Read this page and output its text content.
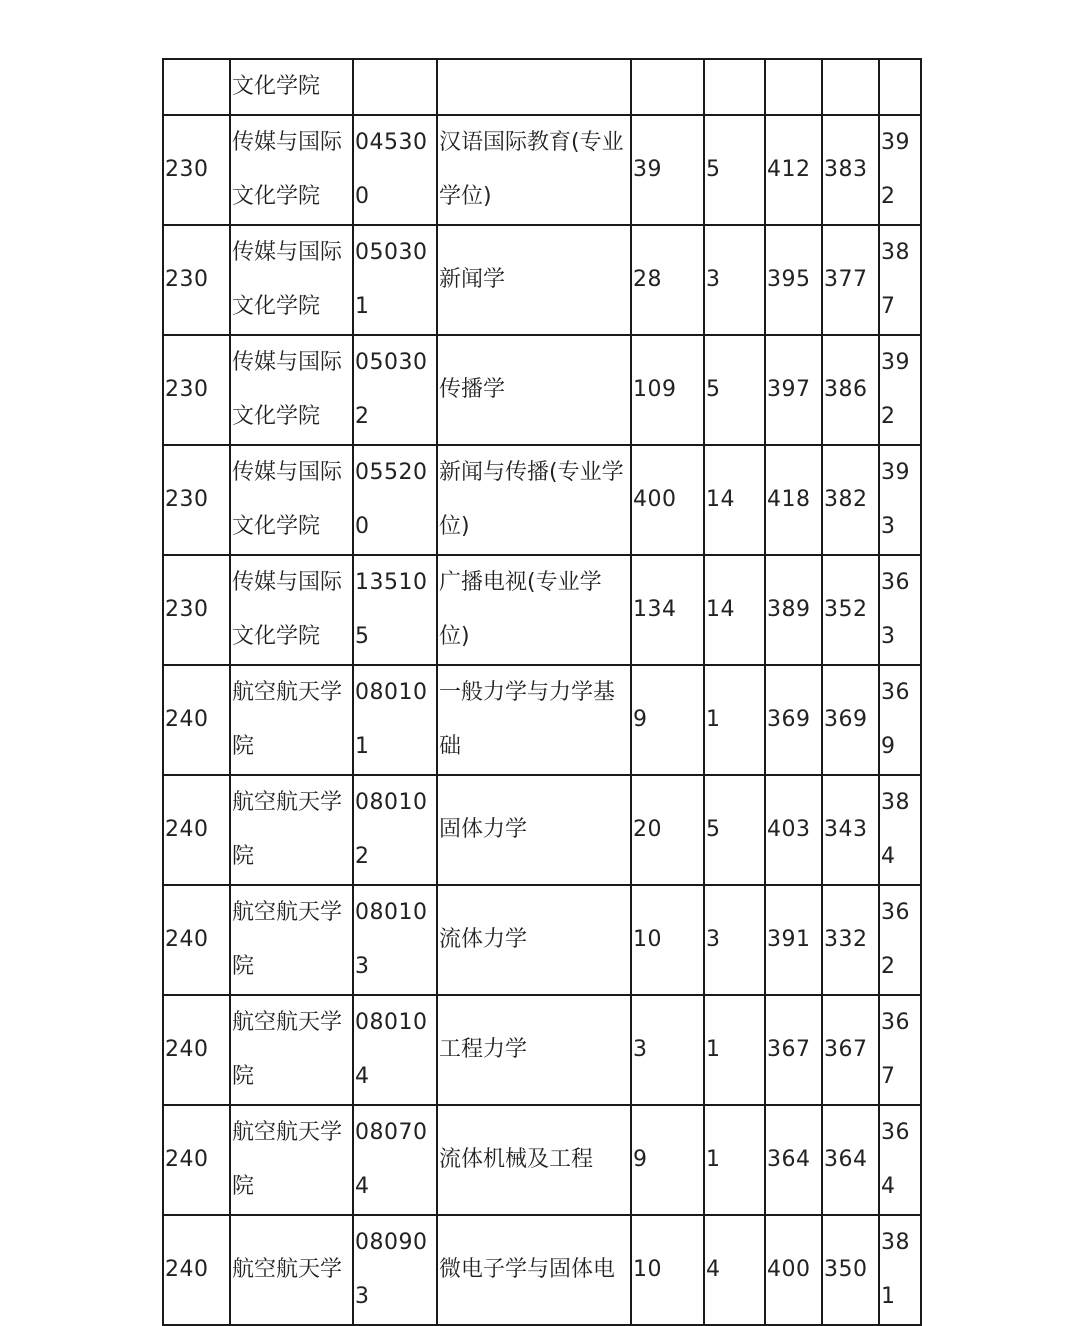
	文化学院							
230	传媒与国际文化学院	045300	汉语国际教育(专业学位)	39	5	412	383	392
230	传媒与国际文化学院	050301	新闻学	28	3	395	377	387
230	传媒与国际文化学院	050302	传播学	109	5	397	386	392
230	传媒与国际文化学院	055200	新闻与传播(专业学位)	400	14	418	382	393
230	传媒与国际文化学院	135105	广播电视(专业学位)	134	14	389	352	363
240	航空航天学院	080101	一般力学与力学基础	9	1	369	369	369
240	航空航天学院	080102	固体力学	20	5	403	343	384
240	航空航天学院	080103	流体力学	10	3	391	332	362
240	航空航天学院	080104	工程力学	3	1	367	367	367
240	航空航天学院	080704	流体机械及工程	9	1	364	364	364
240	航空航天学	080903	微电子学与固体电	10	4	400	350	381
